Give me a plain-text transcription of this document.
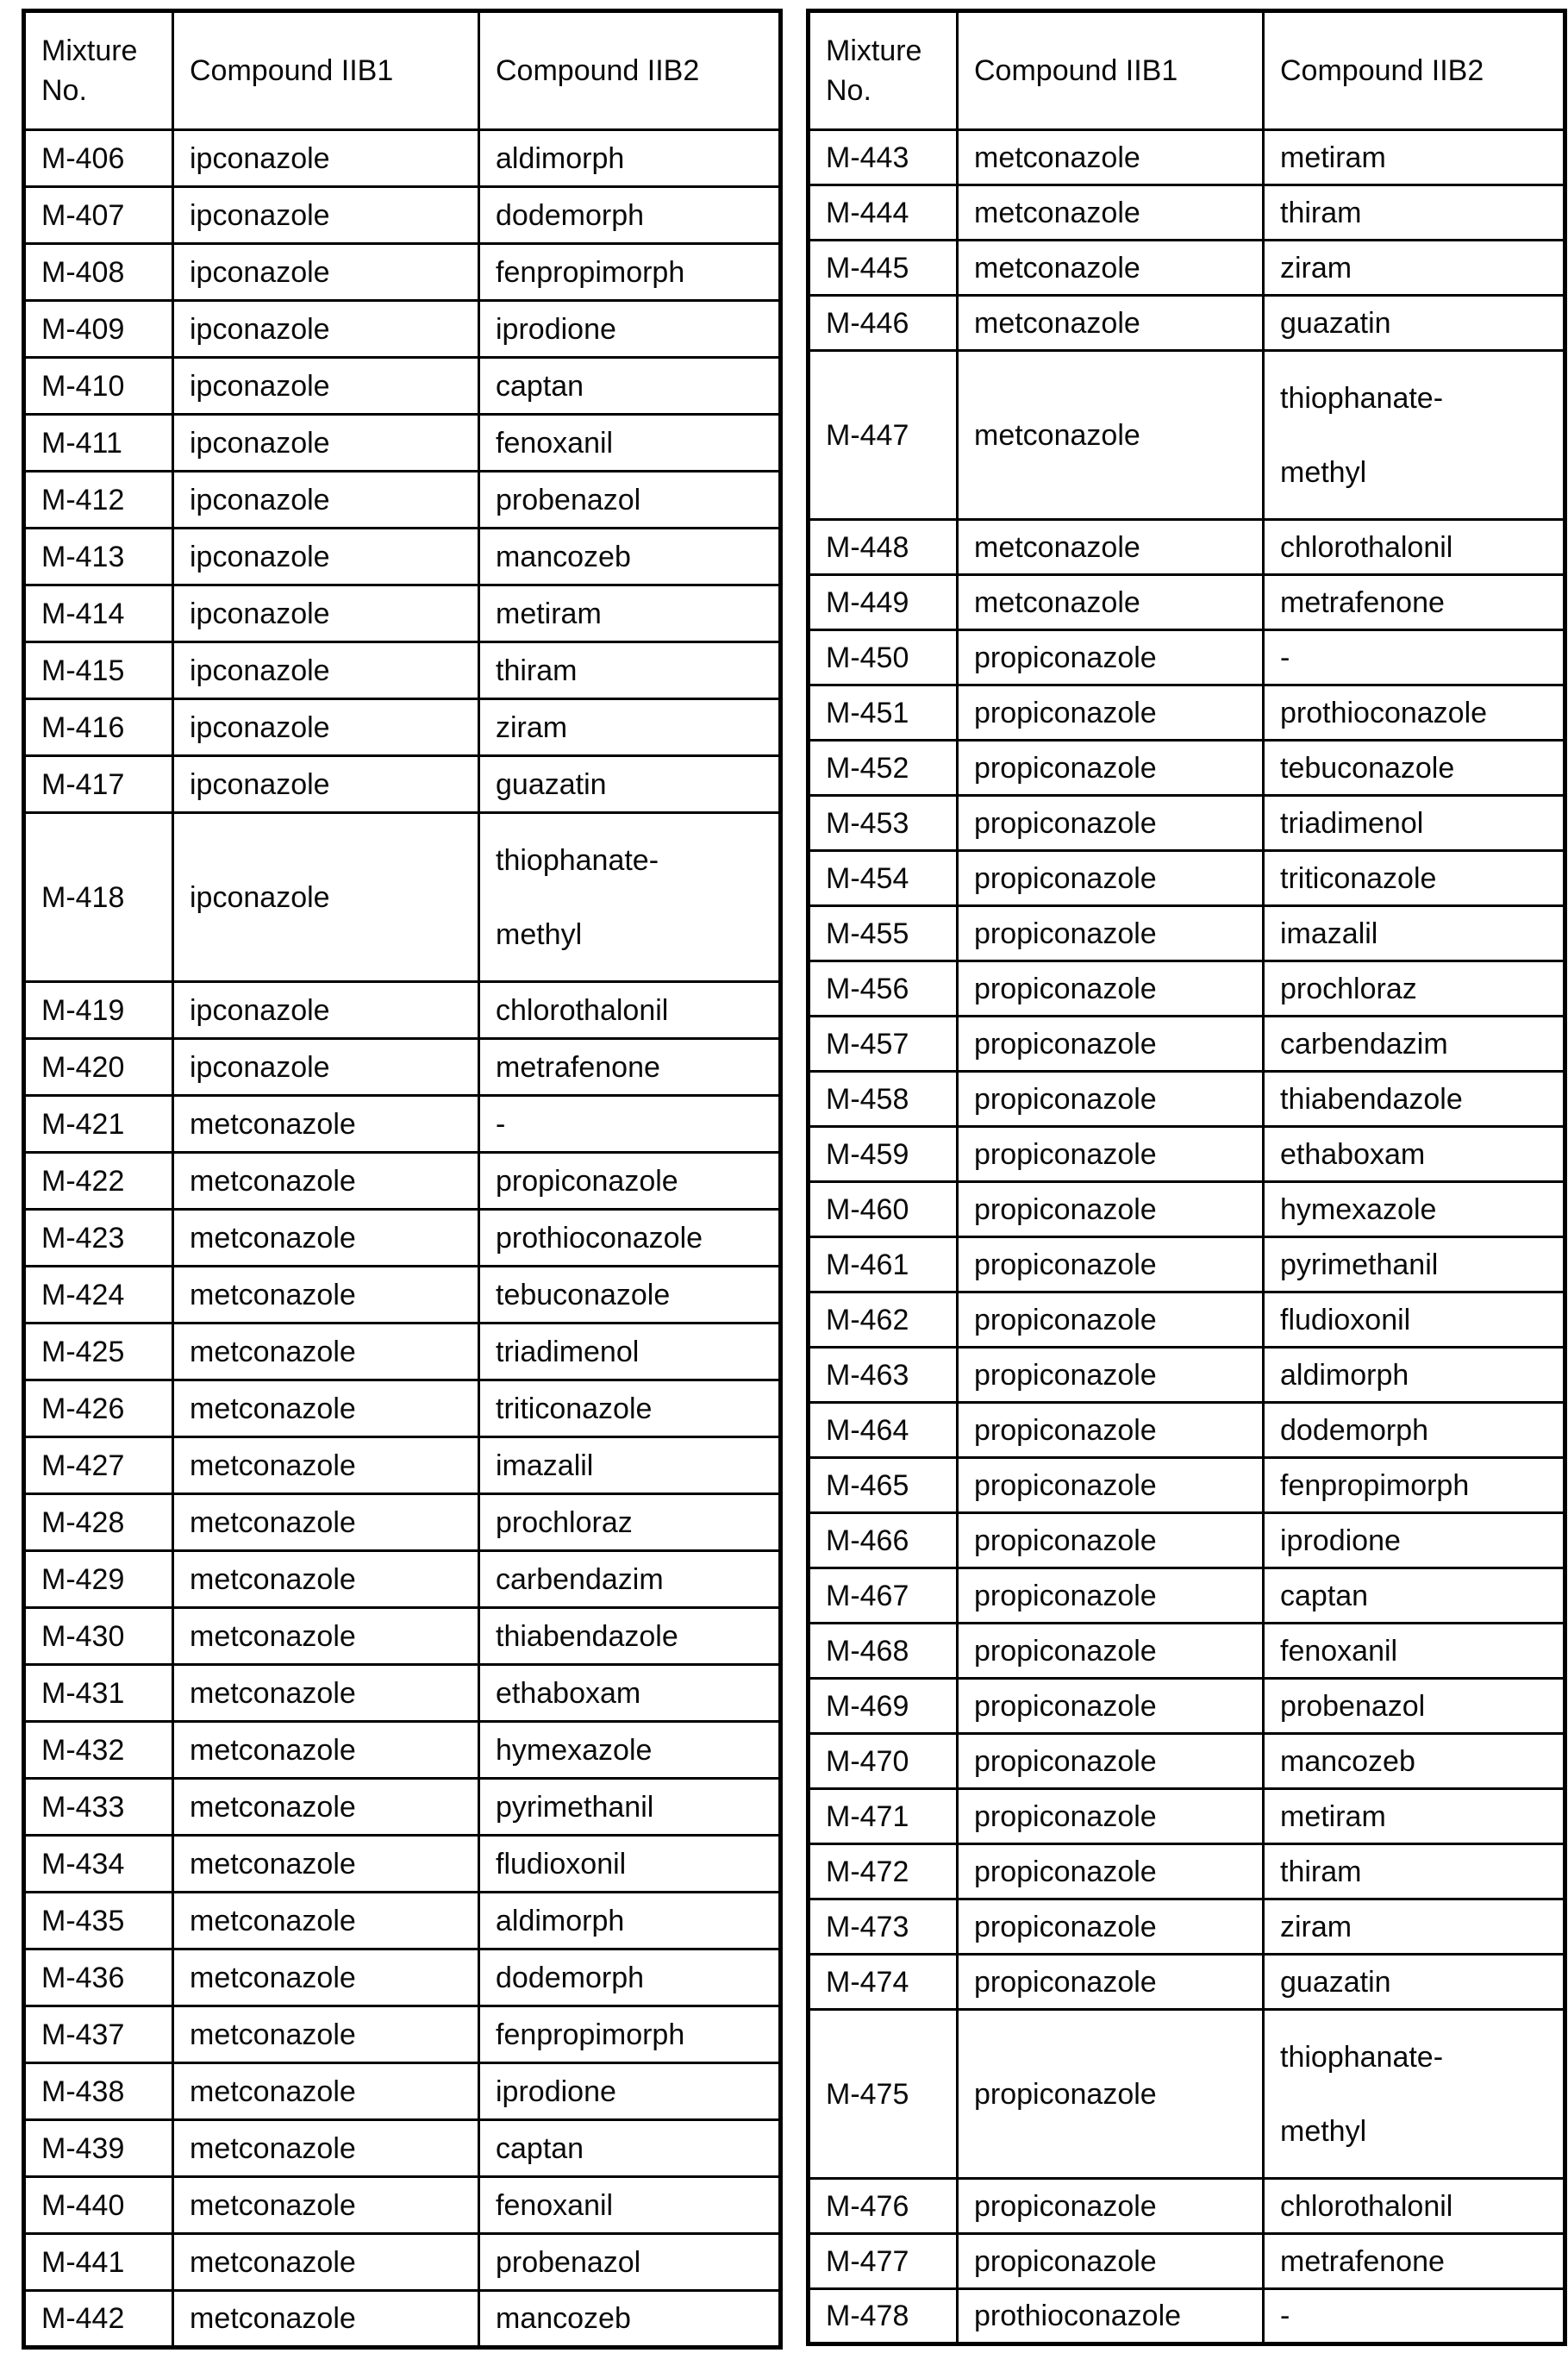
Mixture No.	Compound IIB1	Compound IIB2
M-406	ipconazole	aldimorph
M-407	ipconazole	dodemorph
M-408	ipconazole	fenpropimorph
M-409	ipconazole	iprodione
M-410	ipconazole	captan
M-411	ipconazole	fenoxanil
M-412	ipconazole	probenazol
M-413	ipconazole	mancozeb
M-414	ipconazole	metiram
M-415	ipconazole	thiram
M-416	ipconazole	ziram
M-417	ipconazole	guazatin
M-418	ipconazole	thiophanate-
methyl
M-419	ipconazole	chlorothalonil
M-420	ipconazole	metrafenone
M-421	metconazole	-
M-422	metconazole	propiconazole
M-423	metconazole	prothioconazole
M-424	metconazole	tebuconazole
M-425	metconazole	triadimenol
M-426	metconazole	triticonazole
M-427	metconazole	imazalil
M-428	metconazole	prochloraz
M-429	metconazole	carbendazim
M-430	metconazole	thiabendazole
M-431	metconazole	ethaboxam
M-432	metconazole	hymexazole
M-433	metconazole	pyrimethanil
M-434	metconazole	fludioxonil
M-435	metconazole	aldimorph
M-436	metconazole	dodemorph
M-437	metconazole	fenpropimorph
M-438	metconazole	iprodione
M-439	metconazole	captan
M-440	metconazole	fenoxanil
M-441	metconazole	probenazol
M-442	metconazole	mancozeb
Mixture No.	Compound IIB1	Compound IIB2
M-443	metconazole	metiram
M-444	metconazole	thiram
M-445	metconazole	ziram
M-446	metconazole	guazatin
M-447	metconazole	thiophanate-
methyl
M-448	metconazole	chlorothalonil
M-449	metconazole	metrafenone
M-450	propiconazole	-
M-451	propiconazole	prothioconazole
M-452	propiconazole	tebuconazole
M-453	propiconazole	triadimenol
M-454	propiconazole	triticonazole
M-455	propiconazole	imazalil
M-456	propiconazole	prochloraz
M-457	propiconazole	carbendazim
M-458	propiconazole	thiabendazole
M-459	propiconazole	ethaboxam
M-460	propiconazole	hymexazole
M-461	propiconazole	pyrimethanil
M-462	propiconazole	fludioxonil
M-463	propiconazole	aldimorph
M-464	propiconazole	dodemorph
M-465	propiconazole	fenpropimorph
M-466	propiconazole	iprodione
M-467	propiconazole	captan
M-468	propiconazole	fenoxanil
M-469	propiconazole	probenazol
M-470	propiconazole	mancozeb
M-471	propiconazole	metiram
M-472	propiconazole	thiram
M-473	propiconazole	ziram
M-474	propiconazole	guazatin
M-475	propiconazole	thiophanate-
methyl
M-476	propiconazole	chlorothalonil
M-477	propiconazole	metrafenone
M-478	prothioconazole	-
